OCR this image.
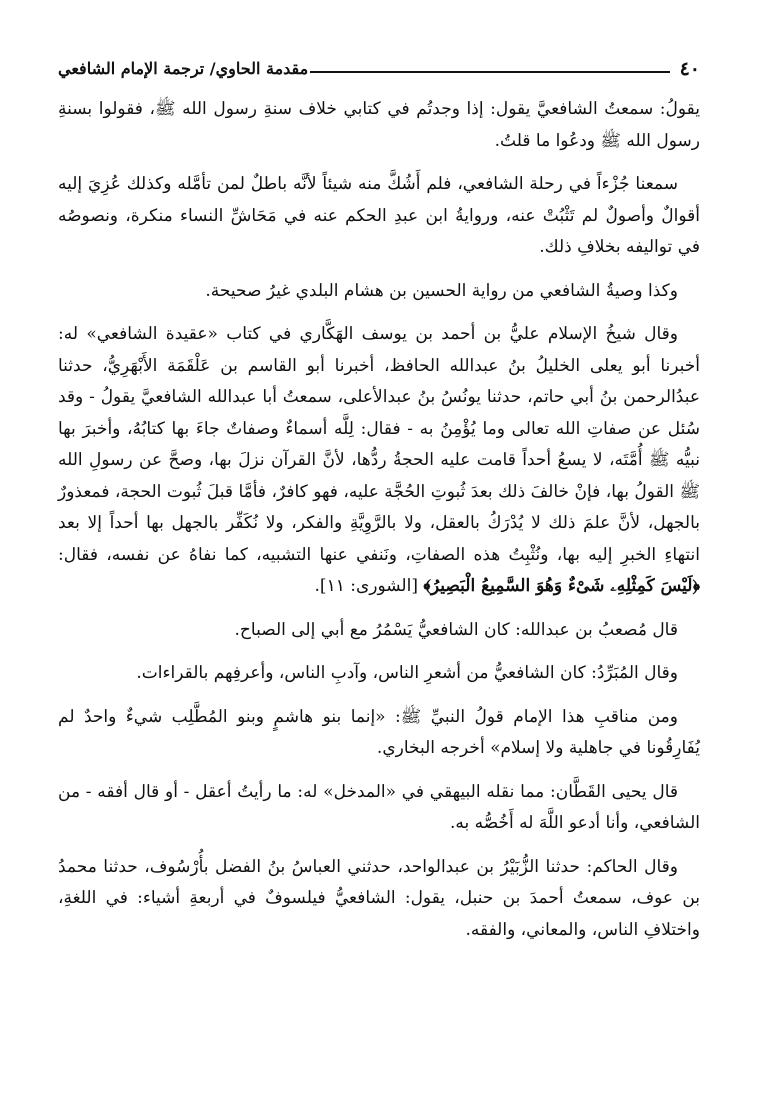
٤٠
مقدمة الحاوي/ ترجمة الإمام الشافعي

يقولُ: سمعتُ الشافعيَّ يقول: إذا وجدتُم في كتابي خلاف سنةِ رسول الله ﷺ، فقولوا بسنةِ رسول الله ﷺ ودعُوا ما قلتُ.

سمعنا جُزْءاً في رحلة الشافعي، فلم أَشُكَّ منه شيئاً لأنَّه باطلٌ لمن تأمَّله وكذلك عُزِيَ إليه أقوالٌ وأصولٌ لم تَثْبُتْ عنه، وروايةُ ابن عبدِ الحكم عنه في مَحَاشِّ النساء منكرة، ونصوصُه في تواليفه بخلافِ ذلك.

وكذا وصيةُ الشافعي من رواية الحسين بن هشام البلدي غيرُ صحيحة.

وقال شيخُ الإسلام عليُّ بن أحمد بن يوسف الهَكَّاري في كتاب «عقيدة الشافعي» له: أخبرنا أبو يعلى الخليلُ بنُ عبدالله الحافظ، أخبرنا أبو القاسم بن عَلْقَمَة الأَبْهَرِيُّ، حدثنا عبدُالرحمن بنُ أبي حاتم، حدثنا يونُسُ بنُ عبدالأعلى، سمعتُ أبا عبدالله الشافعيَّ يقولُ - وقد سُئل عن صفاتِ الله تعالى وما يُؤْمِنُ به - فقال: لِلَّه أسماءٌ وصفاتٌ جاءَ بها كتابُهُ، وأخبرَ بها نبيُّه ﷺ أُمَّتَه، لا يسعُ أحداً قامت عليه الحجةُ ردُّها، لأنَّ القرآن نزلَ بها، وصحَّ عن رسولِ الله ﷺ القولُ بها، فإنْ خالفَ ذلك بعدَ ثُبوتِ الحُجَّة عليه، فهو كافرٌ، فأمَّا قبلَ ثُبوت الحجة، فمعذورٌ بالجهل، لأنَّ علمَ ذلك لا يُدْرَكُ بالعقل، ولا بالرَّوِيَّةِ والفكر، ولا نُكَفِّر بالجهل بها أحداً إلا بعد انتهاءِ الخبرِ إليه بها، ونُثْبِتُ هذه الصفاتِ، ونَنفي عنها التشبيه، كما نفاهُ عن نفسه، فقال: ﴿لَيْسَ كَمِثْلِهِۦ شَىْءٌ وَهُوَ السَّمِيعُ الْبَصِيرُ﴾ [الشورى: ١١].

قال مُصعبُ بن عبدالله: كان الشافعيُّ يَسْمُرُ مع أبي إلى الصباح.

وقال المُبَرِّدُ: كان الشافعيُّ من أشعرِ الناس، وآدبِ الناس، وأعرفِهم بالقراءات.

ومن مناقبِ هذا الإمام قولُ النبيِّ ﷺ: «إنما بنو هاشمٍ وبنو المُطَّلِب شيءٌ واحدٌ لم يُفَارِقُونا في جاهلية ولا إسلام» أخرجه البخاري.

قال يحيى القَطَّان: مما نقله البيهقي في «المدخل» له: ما رأيتُ أعقل - أو قال أفقه - من الشافعي، وأنا أدعو اللَّهَ له أَخُصُّه به.

وقال الحاكم: حدثنا الزُّبَيْرُ بن عبدالواحد، حدثني العباسُ بنُ الفضل بأُرْسُوف، حدثنا محمدُ بن عوف، سمعتُ أحمدَ بن حنبل، يقول: الشافعيُّ فيلسوفٌ في أربعةِ أشياء: في اللغةِ، واختلافِ الناس، والمعاني، والفقه.
